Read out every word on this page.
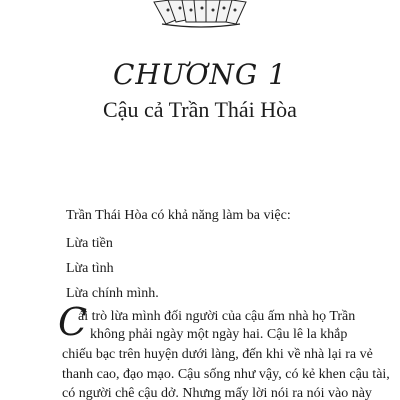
CHƯƠNG 1
Cậu cả Trần Thái Hòa
Trần Thái Hòa có khả năng làm ba việc:
Lừa tiền
Lừa tình
Lừa chính mình.
C
ái trò lừa mình đối người của cậu ấm nhà họ Trần
không phải ngày một ngày hai. Cậu lê la khắp
chiếu bạc trên huyện dưới làng, đến khi về nhà lại ra vẻ
thanh cao, đạo mạo. Cậu sống như vậy, có kẻ khen cậu tài,
có người chê cậu dở. Nhưng mấy lời nói ra nói vào này
